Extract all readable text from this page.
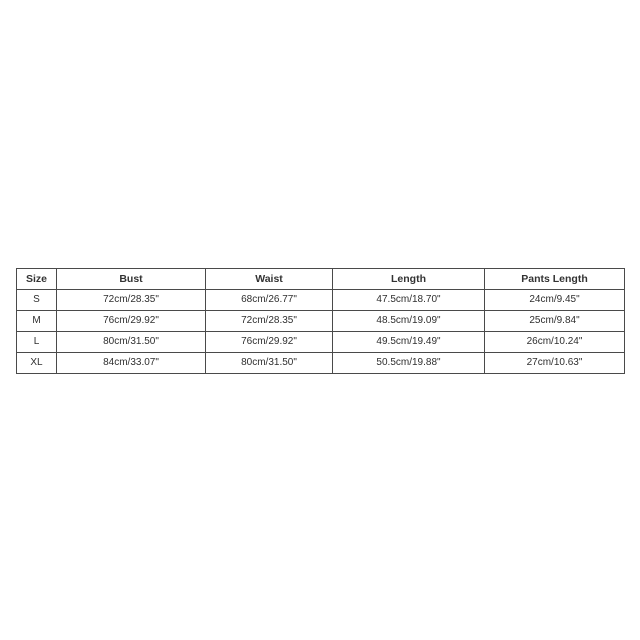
Size	Bust	Waist	Length	Pants Length
S	72cm/28.35"	68cm/26.77"	47.5cm/18.70"	24cm/9.45"
M	76cm/29.92"	72cm/28.35"	48.5cm/19.09"	25cm/9.84"
L	80cm/31.50"	76cm/29.92"	49.5cm/19.49"	26cm/10.24"
XL	84cm/33.07"	80cm/31.50"	50.5cm/19.88"	27cm/10.63"
